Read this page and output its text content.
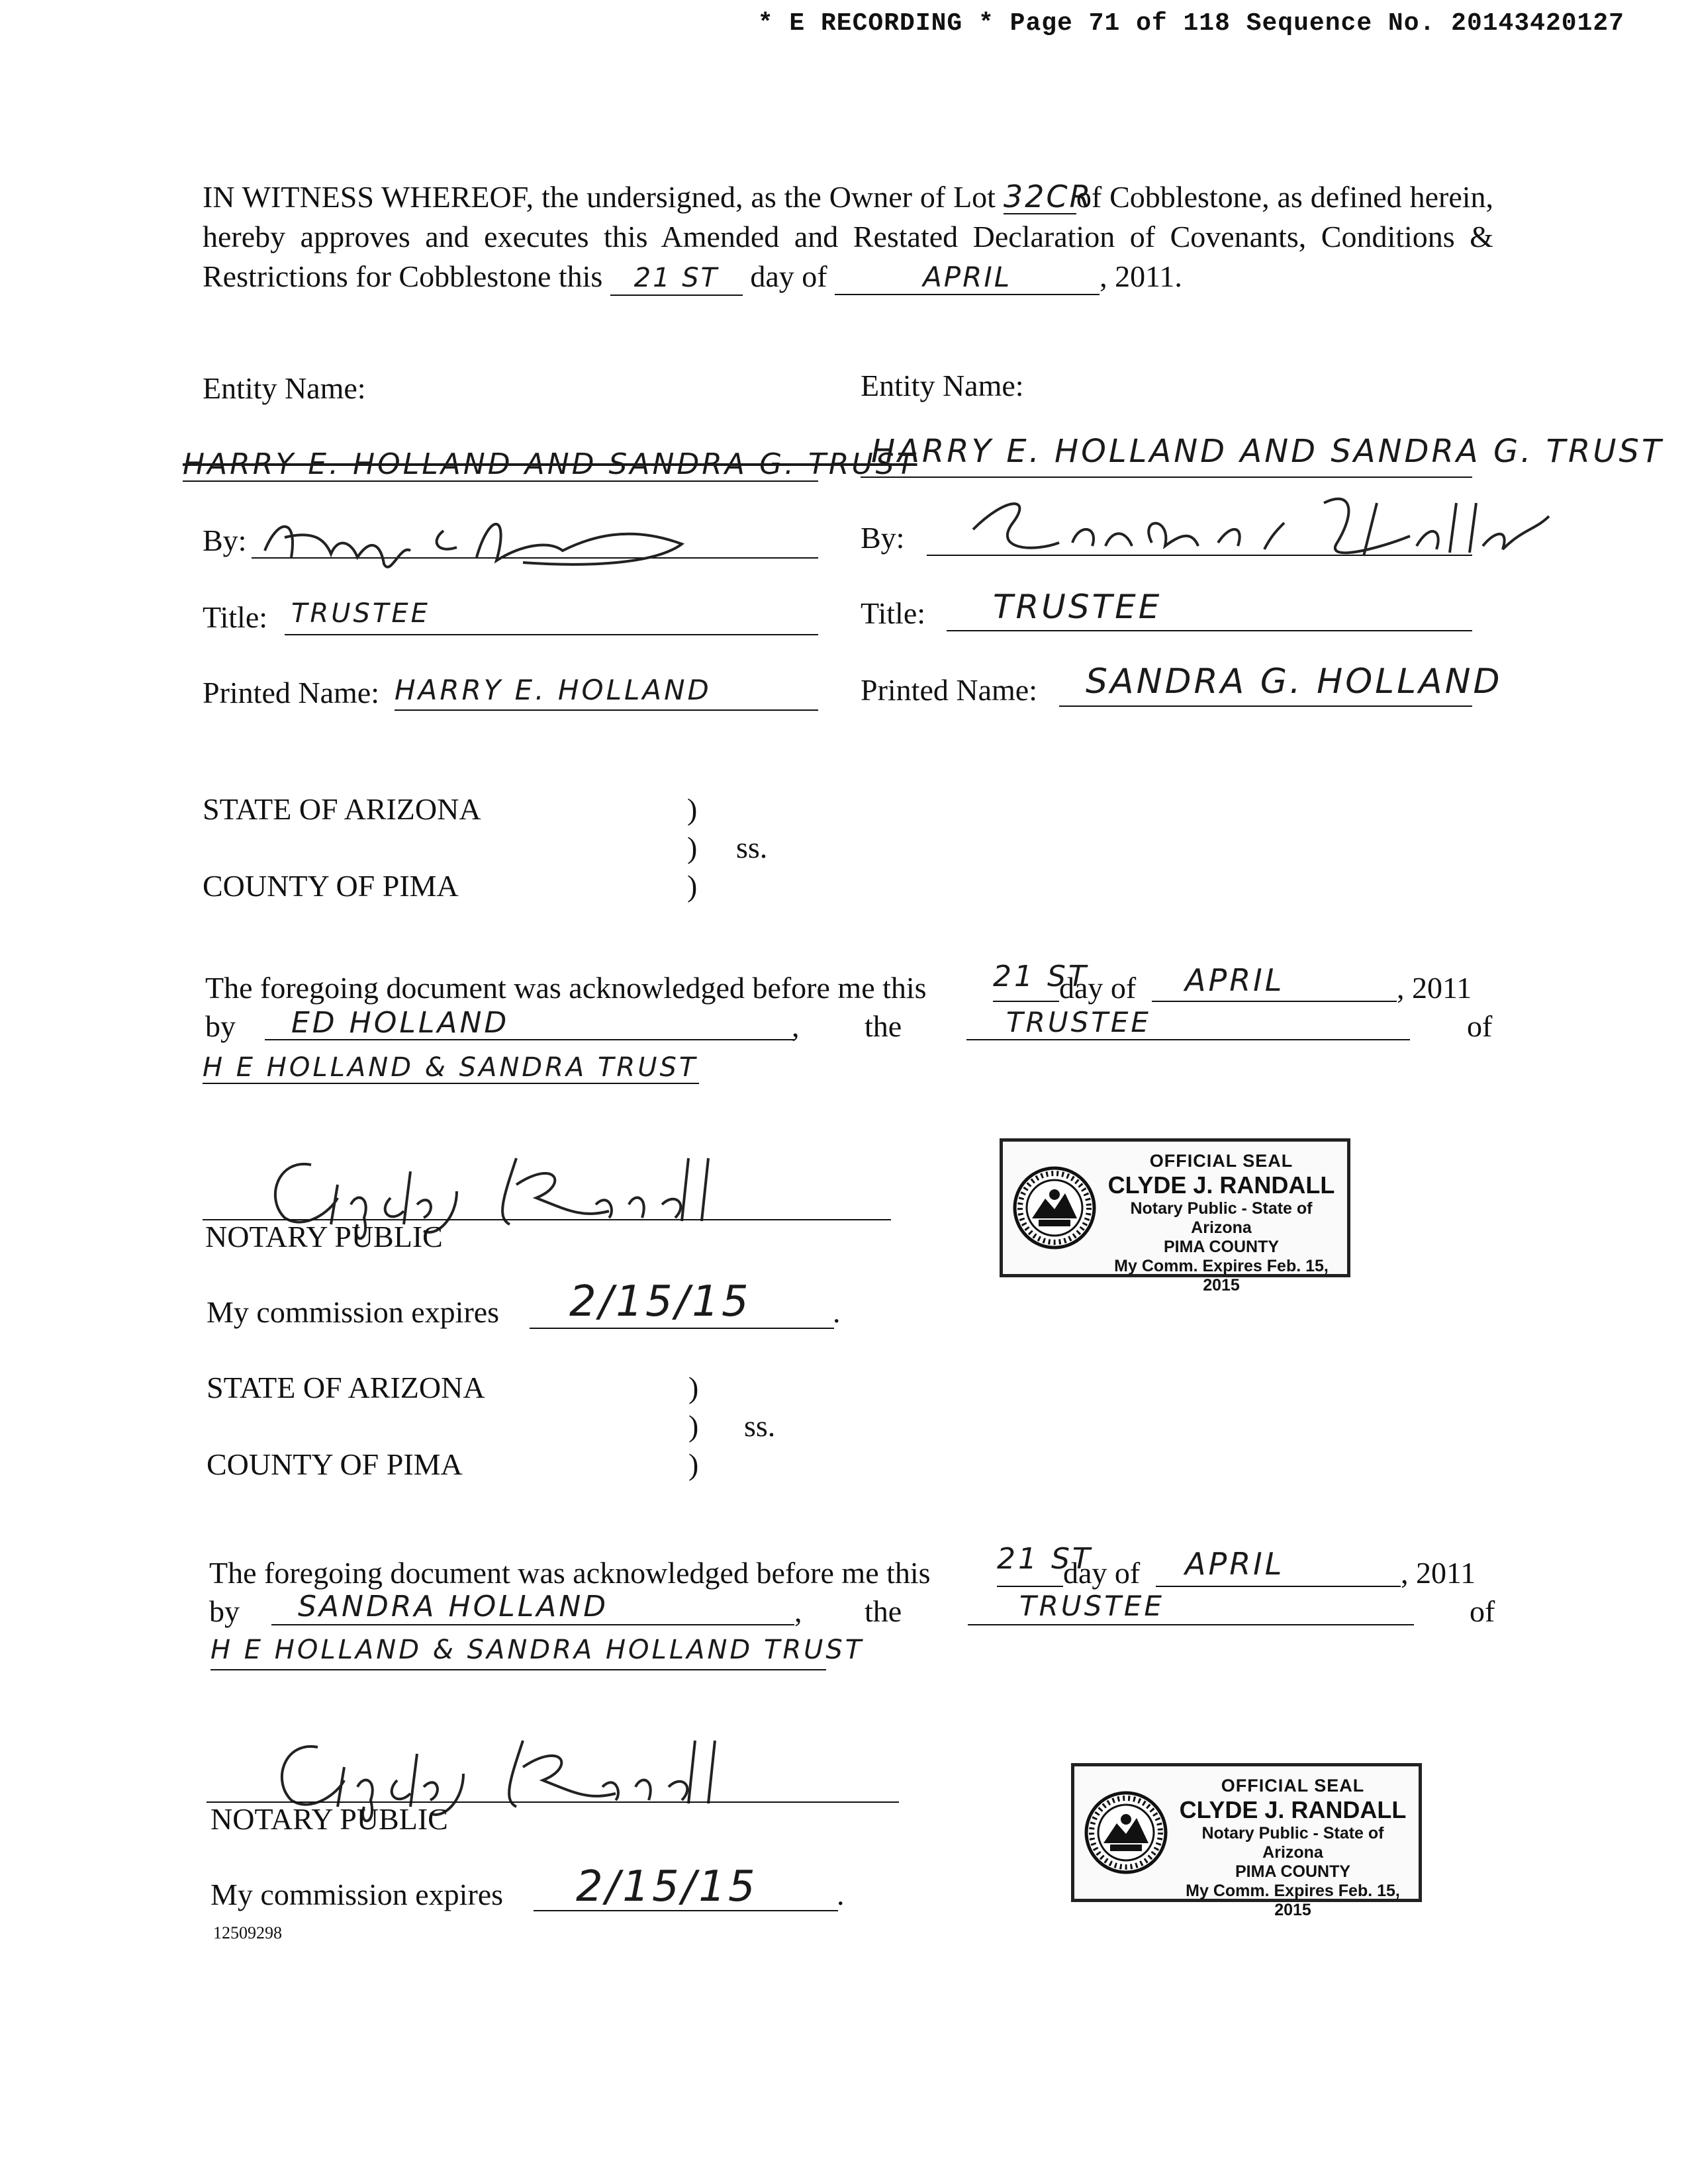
* E RECORDING * Page 71 of 118 Sequence No. 20143420127
IN WITNESS WHEREOF, the undersigned, as the Owner of Lot 32CRof Cobblestone, as defined herein, hereby approves and executes this Amended and Restated Declaration of Covenants, Conditions & Restrictions for Cobblestone this 21 ST day of	APRIL	, 2011.
Entity Name:
HARRY E. HOLLAND AND SANDRA G. TRUST
By:
Title: TRUSTEE
Printed Name: HARRY E. HOLLAND
Entity Name:
HARRY E. HOLLAND AND SANDRA G. TRUST
By:
Title: TRUSTEE
Printed Name: SANDRA G. HOLLAND
STATE OF ARIZONA
COUNTY OF PIMA
)
)
)
ss.
The foregoing document was acknowledged before me this 21 ST
day of APRIL	, 2011
by ED HOLLAND	, the	TRUSTEE	of
H E HOLLAND & SANDRA TRUST
NOTARY PUBLIC
My commission expires 2/15/15	.
OFFICIAL SEAL
CLYDE J. RANDALL
Notary Public - State of Arizona
PIMA COUNTY
My Comm. Expires Feb. 15, 2015
STATE OF ARIZONA
COUNTY OF PIMA
)
)
)
ss.
The foregoing document was acknowledged before me this 21 ST
day of APRIL	, 2011
by SANDRA HOLLAND	, the	TRUSTEE	of
H E HOLLAND & SANDRA HOLLAND TRUST
NOTARY PUBLIC
My commission expires 2/15/15	.
OFFICIAL SEAL
CLYDE J. RANDALL
Notary Public - State of Arizona
PIMA COUNTY
My Comm. Expires Feb. 15, 2015
12509298
